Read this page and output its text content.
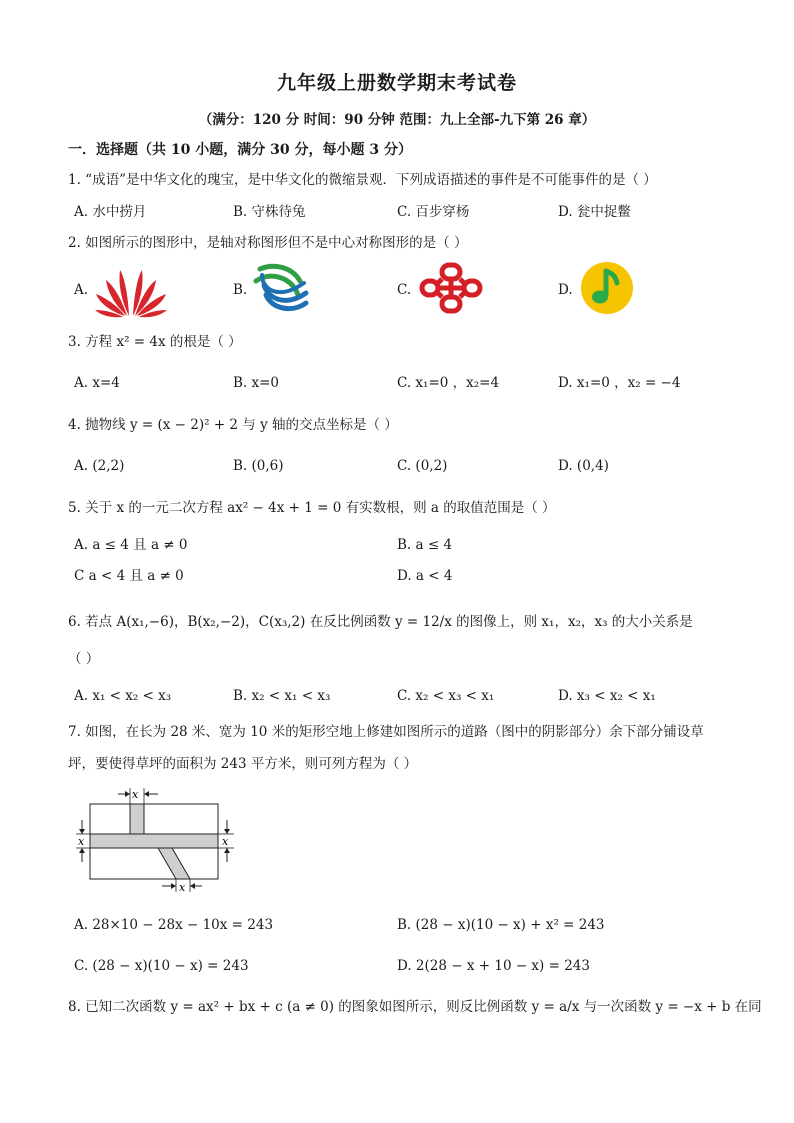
九年级上册数学期末考试卷
（满分：120 分 时间：90 分钟 范围：九上全部-九下第 26 章）
一．选择题（共 10 小题，满分 30 分，每小题 3 分）
1. “成语”是中华文化的瑰宝，是中华文化的微缩景观．下列成语描述的事件是不可能事件的是（ ）
A. 水中捞月	B. 守株待兔	C. 百步穿杨	D. 瓮中捉鳖
2. 如图所示的图形中，是轴对称图形但不是中心对称图形的是（ ）
A.	B.	C.	D.
3. 方程 x² = 4x 的根是（ ）
A. x=4	B. x=0	C. x₁=0 ，x₂=4	D. x₁=0 ，x₂ = −4
4. 抛物线 y = (x − 2)² + 2 与 y 轴的交点坐标是（ ）
A. (2,2)	B. (0,6)	C. (0,2)	D. (0,4)
5. 关于 x 的一元二次方程 ax² − 4x + 1 = 0 有实数根，则 a 的取值范围是（ ）
A. a ≤ 4 且 a ≠ 0	B. a ≤ 4
C a < 4 且 a ≠ 0	D. a < 4
6. 若点 A(x₁,−6)，B(x₂,−2)，C(x₃,2) 在反比例函数 y = 12/x 的图像上，则 x₁，x₂，x₃ 的大小关系是
（ ）
A. x₁ < x₂ < x₃	B. x₂ < x₁ < x₃	C. x₂ < x₃ < x₁	D. x₃ < x₂ < x₁
7. 如图，在长为 28 米、宽为 10 米的矩形空地上修建如图所示的道路（图中的阴影部分）余下部分铺设草
坪，要使得草坪的面积为 243 平方米，则可列方程为（ ）
x
x	x
x
A. 28×10 − 28x − 10x = 243	B. (28 − x)(10 − x) + x² = 243
C. (28 − x)(10 − x) = 243	D. 2(28 − x + 10 − x) = 243
8. 已知二次函数 y = ax² + bx + c (a ≠ 0) 的图象如图所示，则反比例函数 y = a/x 与一次函数 y = −x + b 在同
